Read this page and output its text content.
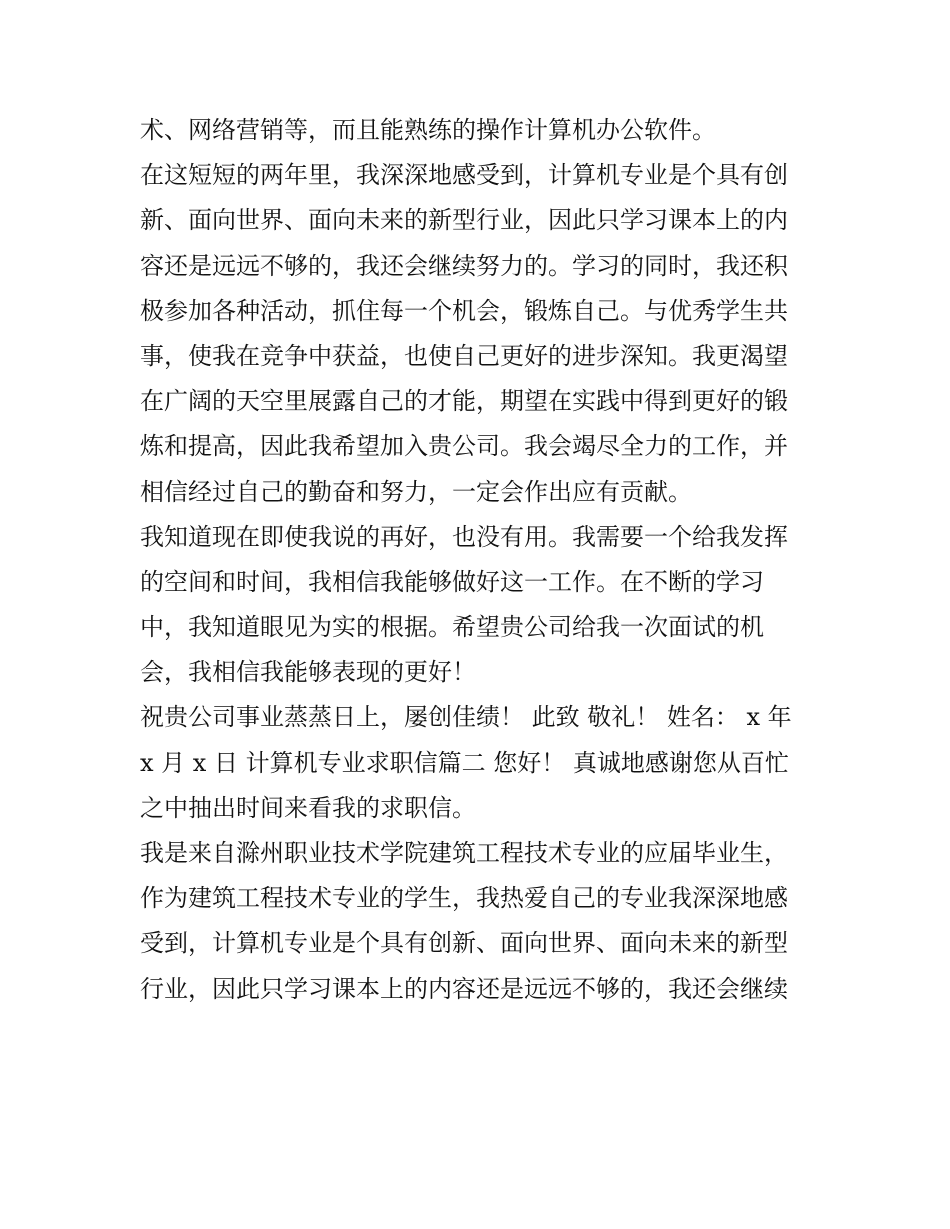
术、网络营销等，而且能熟练的操作计算机办公软件。
在这短短的两年里，我深深地感受到，计算机专业是个具有创
新、面向世界、面向未来的新型行业，因此只学习课本上的内
容还是远远不够的，我还会继续努力的。学习的同时，我还积
极参加各种活动，抓住每一个机会，锻炼自己。与优秀学生共
事，使我在竞争中获益，也使自己更好的进步深知。我更渴望
在广阔的天空里展露自己的才能，期望在实践中得到更好的锻
炼和提高，因此我希望加入贵公司。我会竭尽全力的工作，并
相信经过自己的勤奋和努力，一定会作出应有贡献。
我知道现在即使我说的再好，也没有用。我需要一个给我发挥
的空间和时间，我相信我能够做好这一工作。在不断的学习
中，我知道眼见为实的根据。希望贵公司给我一次面试的机
会，我相信我能够表现的更好！
祝贵公司事业蒸蒸日上，屡创佳绩！ 此致 敬礼！ 姓名： x 年
x 月 x 日 计算机专业求职信篇二 您好！ 真诚地感谢您从百忙
之中抽出时间来看我的求职信。
我是来自滁州职业技术学院建筑工程技术专业的应届毕业生，
作为建筑工程技术专业的学生，我热爱自己的专业我深深地感
受到，计算机专业是个具有创新、面向世界、面向未来的新型
行业，因此只学习课本上的内容还是远远不够的，我还会继续
